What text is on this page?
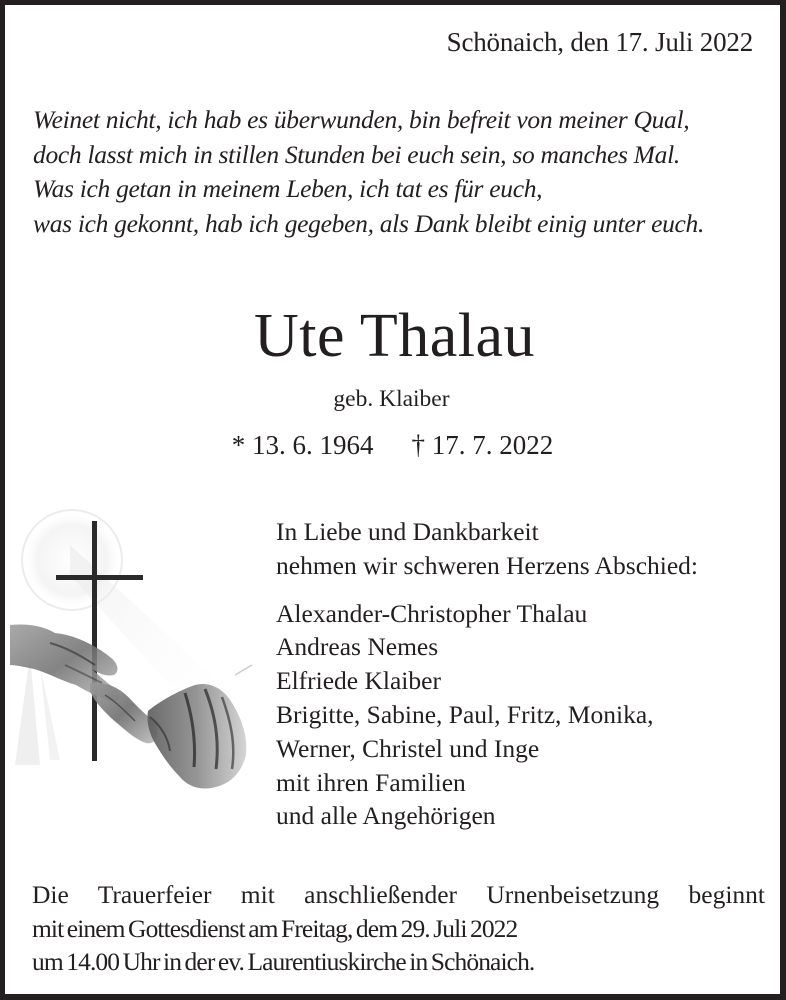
Schönaich, den 17. Juli 2022
Weinet nicht, ich hab es überwunden, bin befreit von meiner Qual,
doch lasst mich in stillen Stunden bei euch sein, so manches Mal.
Was ich getan in meinem Leben, ich tat es für euch,
was ich gekonnt, hab ich gegeben, als Dank bleibt einig unter euch.
Ute Thalau
geb. Klaiber
* 13. 6. 1964 † 17. 7. 2022
In Liebe und Dankbarkeit
nehmen wir schweren Herzens Abschied:
Alexander-Christopher Thalau
Andreas Nemes
Elfriede Klaiber
Brigitte, Sabine, Paul, Fritz, Monika,
Werner, Christel und Inge
mit ihren Familien
und alle Angehörigen
Die Trauerfeier mit anschließender Urnenbeisetzung beginnt
mit einem Gottesdienst am Freitag, dem 29. Juli 2022
um 14.00 Uhr in der ev. Laurentiuskirche in Schönaich.
